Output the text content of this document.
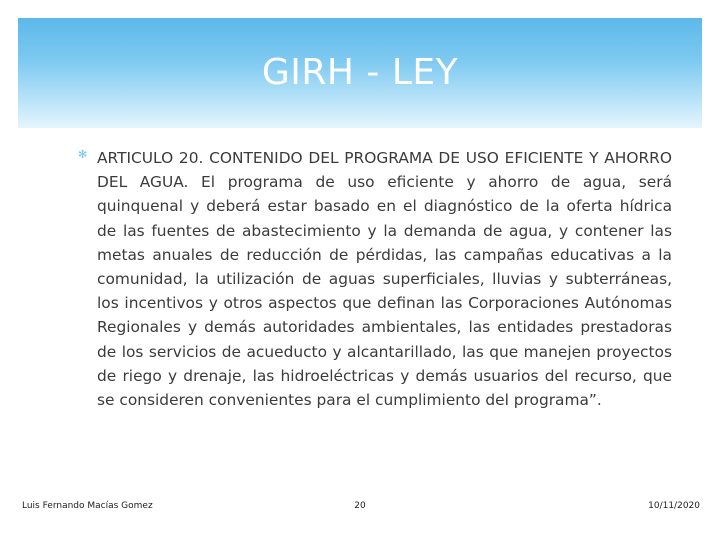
GIRH - LEY
✻ ARTICULO 20. CONTENIDO DEL PROGRAMA DE USO EFICIENTE Y AHORRO DEL AGUA. El programa de uso eficiente y ahorro de agua, será quinquenal y deberá estar basado en el diagnóstico de la oferta hídrica de las fuentes de abastecimiento y la demanda de agua, y contener las metas anuales de reducción de pérdidas, las campañas educativas a la comunidad, la utilización de aguas superficiales, lluvias y subterráneas, los incentivos y otros aspectos que definan las Corporaciones Autónomas Regionales y demás autoridades ambientales, las entidades prestadoras de los servicios de acueducto y alcantarillado, las que manejen proyectos de riego y drenaje, las hidroeléctricas y demás usuarios del recurso, que se consideren convenientes para el cumplimiento del programa”.

Luis Fernando Macías Gomez	20	10/11/2020
